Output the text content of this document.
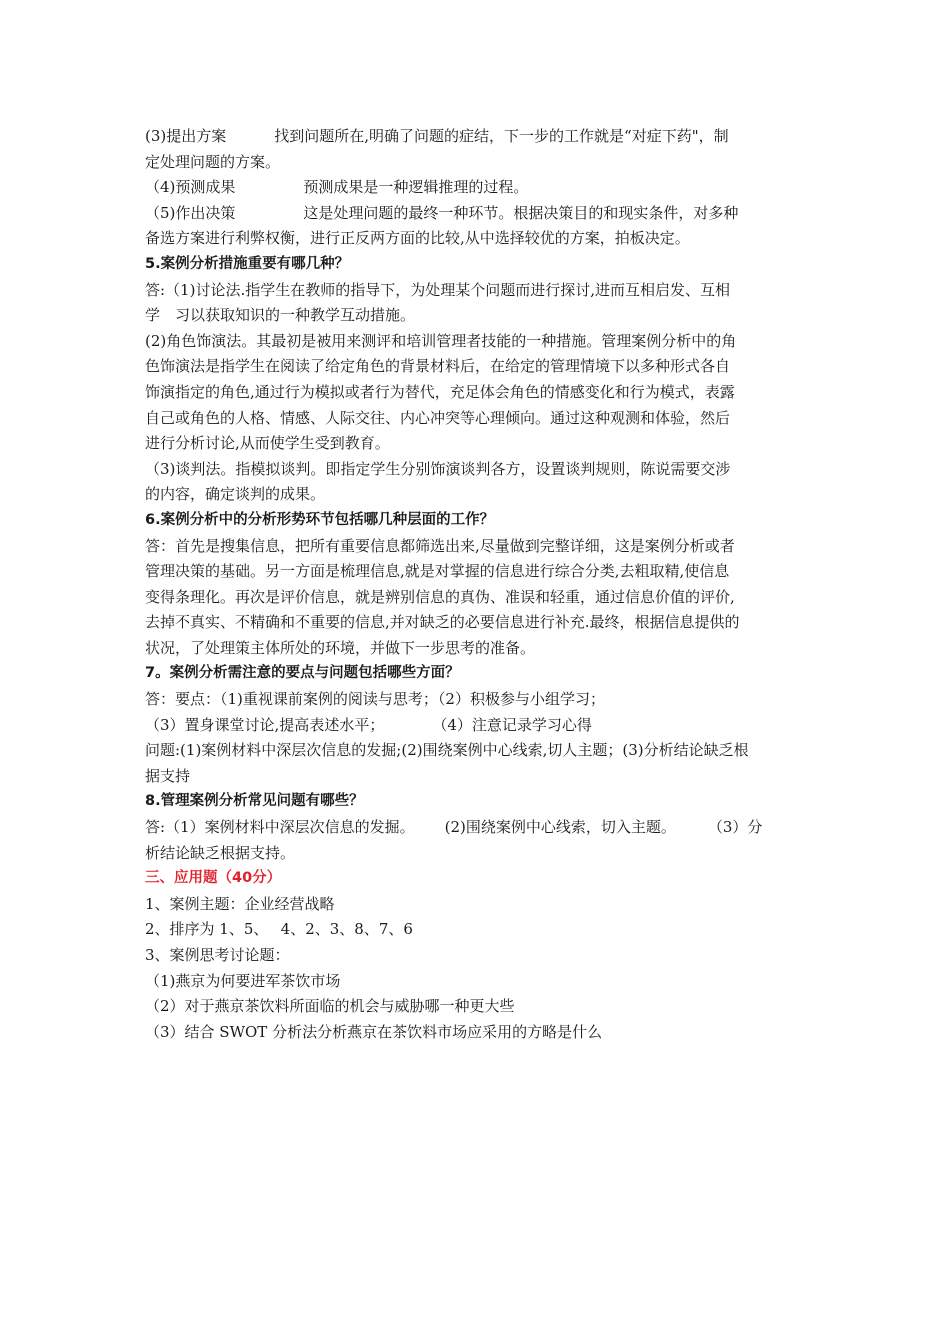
(3)提出方案	找到问题所在,明确了问题的症结，下一步的工作就是“对症下药"，制
定处理问题的方案。
（4)预测成果	预测成果是一种逻辑推理的过程。
（5)作出决策	这是处理问题的最终一种环节。根据决策目的和现实条件，对多种
备选方案进行利弊权衡，进行正反两方面的比较,从中选择较优的方案，拍板决定。
5.案例分析措施重要有哪几种？
答:（1)讨论法.指学生在教师的指导下，为处理某个问题而进行探讨,进而互相启发、互相
学　习以获取知识的一种教学互动措施。
(2)角色饰演法。其最初是被用来测评和培训管理者技能的一种措施。管理案例分析中的角
色饰演法是指学生在阅读了给定角色的背景材料后，在给定的管理情境下以多种形式各自
饰演指定的角色,通过行为模拟或者行为替代，充足体会角色的情感变化和行为模式，表露
自己或角色的人格、情感、人际交往、内心冲突等心理倾向。通过这种观测和体验，然后
进行分析讨论,从而使学生受到教育。
（3)谈判法。指模拟谈判。即指定学生分别饰演谈判各方，设置谈判规则，陈说需要交涉
的内容，确定谈判的成果。
6.案例分析中的分析形势环节包括哪几种层面的工作？
答：首先是搜集信息，把所有重要信息都筛选出来,尽量做到完整详细，这是案例分析或者
管理决策的基础。另一方面是梳理信息,就是对掌握的信息进行综合分类,去粗取精,使信息
变得条理化。再次是评价信息，就是辨别信息的真伪、准误和轻重，通过信息价值的评价,
去掉不真实、不精确和不重要的信息,并对缺乏的必要信息进行补充.最终，根据信息提供的
状况，了处理策主体所处的环境，并做下一步思考的准备。
7。案例分析需注意的要点与问题包括哪些方面？
答：要点：（1)重视课前案例的阅读与思考；（2）积极参与小组学习；
（3）置身课堂讨论,提高表述水平；	（4）注意记录学习心得
问题:(1)案例材料中深层次信息的发掘;(2)围绕案例中心线索,切人主题；(3)分析结论缺乏根
据支持
8.管理案例分析常见问题有哪些？
答:（1）案例材料中深层次信息的发掘。 (2)围绕案例中心线索，切入主题。 （3）分
析结论缺乏根据支持。
三、应用题（40分）
1、案例主题：企业经营战略
2、排序为 1、5、　 4、2、3、8、7、6
3、案例思考讨论题：
（1)燕京为何要进军茶饮市场
（2）对于燕京茶饮料所面临的机会与威胁哪一种更大些
（3）结合 SWOT 分析法分析燕京在茶饮料市场应采用的方略是什么
